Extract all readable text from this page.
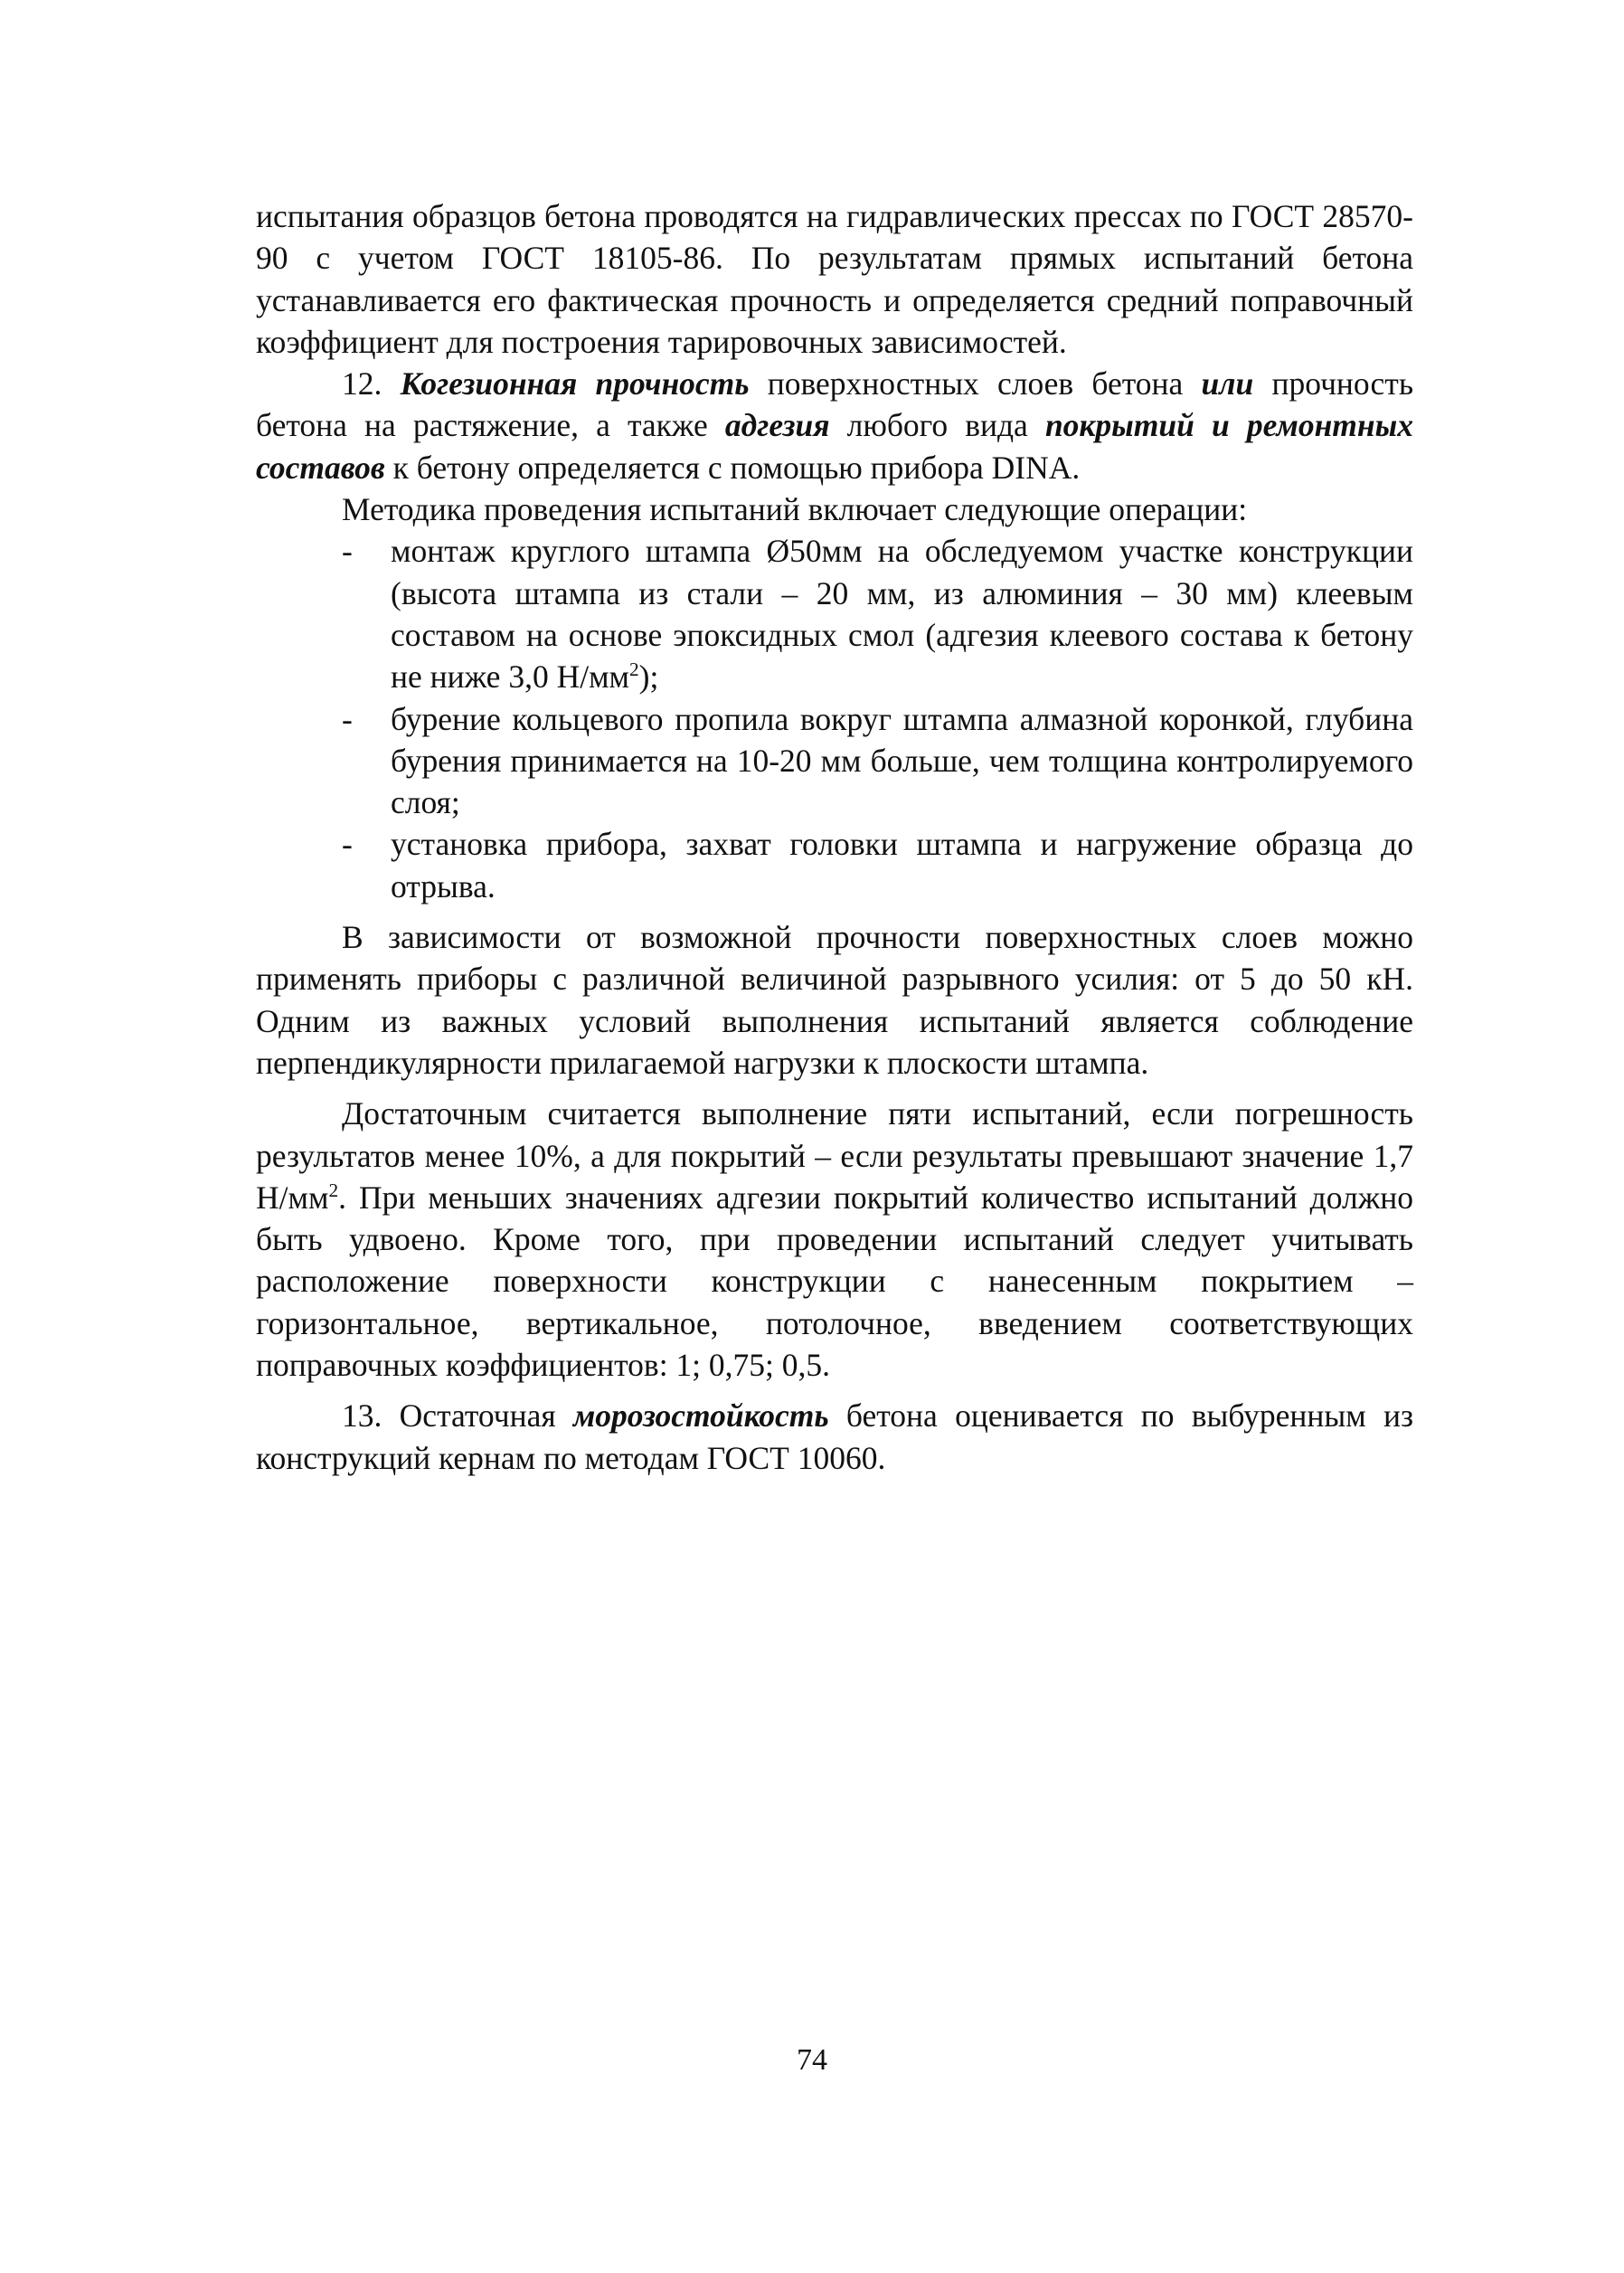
испытания образцов бетона проводятся на гидравлических прессах по ГОСТ 28570-90 с учетом ГОСТ 18105-86. По результатам прямых испытаний бетона устанавливается его фактическая прочность и определяется средний поправочный коэффициент для построения тарировочных зависимостей.

12. Когезионная прочность поверхностных слоев бетона или прочность бетона на растяжение, а также адгезия любого вида покрытий и ремонтных составов к бетону определяется с помощью прибора DINA.

Методика проведения испытаний включает следующие операции:

- монтаж круглого штампа Ø50мм на обследуемом участке конструкции (высота штампа из стали – 20 мм, из алюминия – 30 мм) клеевым составом на основе эпоксидных смол (адгезия клеевого состава к бетону не ниже 3,0 $Н/мм^2$);
- бурение кольцевого пропила вокруг штампа алмазной коронкой, глубина бурения принимается на 10-20 мм больше, чем толщина контролируемого слоя;
- установка прибора, захват головки штампа и нагружение образца до отрыва.

В зависимости от возможной прочности поверхностных слоев можно применять приборы с различной величиной разрывного усилия: от 5 до 50 кН. Одним из важных условий выполнения испытаний является соблюдение перпендикулярности прилагаемой нагрузки к плоскости штампа.

Достаточным считается выполнение пяти испытаний, если погрешность результатов менее 10%, а для покрытий – если результаты превышают значение 1,7 $Н/мм^2$. При меньших значениях адгезии покрытий количество испытаний должно быть удвоено. Кроме того, при проведении испытаний следует учитывать расположение поверхности конструкции с нанесенным покрытием – горизонтальное, вертикальное, потолочное, введением соответствующих поправочных коэффициентов: 1; 0,75; 0,5.

13. Остаточная морозостойкость бетона оценивается по выбуренным из конструкций кернам по методам ГОСТ 10060.

74
